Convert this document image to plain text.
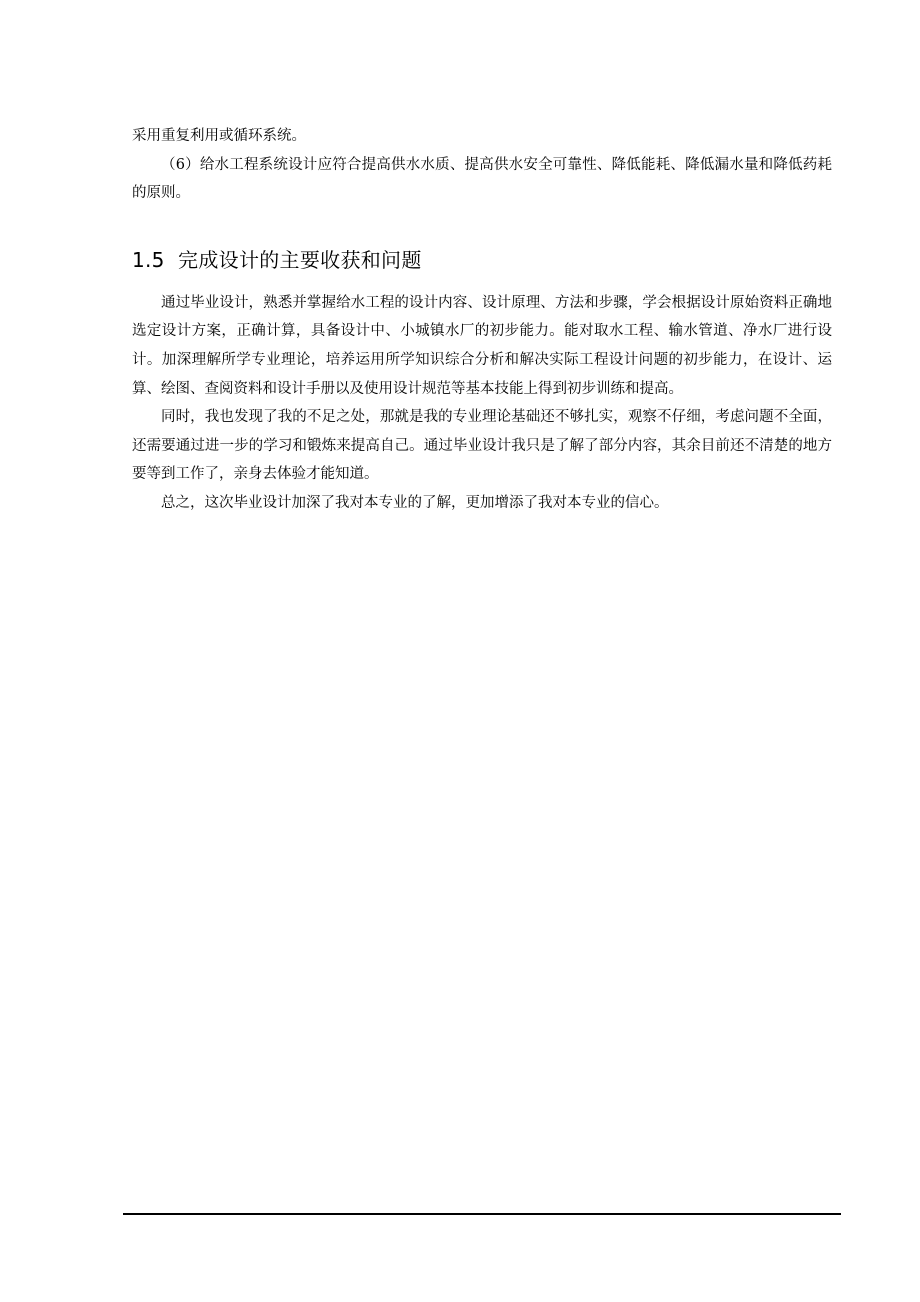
采用重复利用或循环系统。

（6）给水工程系统设计应符合提高供水水质、提高供水安全可靠性、降低能耗、降低漏水量和降低药耗的原则。

1.5 完成设计的主要收获和问题

通过毕业设计，熟悉并掌握给水工程的设计内容、设计原理、方法和步骤，学会根据设计原始资料正确地选定设计方案，正确计算，具备设计中、小城镇水厂的初步能力。能对取水工程、输水管道、净水厂进行设计。加深理解所学专业理论，培养运用所学知识综合分析和解决实际工程设计问题的初步能力，在设计、运算、绘图、查阅资料和设计手册以及使用设计规范等基本技能上得到初步训练和提高。

同时，我也发现了我的不足之处，那就是我的专业理论基础还不够扎实，观察不仔细，考虑问题不全面，还需要通过进一步的学习和锻炼来提高自己。通过毕业设计我只是了解了部分内容，其余目前还不清楚的地方要等到工作了，亲身去体验才能知道。

总之，这次毕业设计加深了我对本专业的了解，更加增添了我对本专业的信心。
